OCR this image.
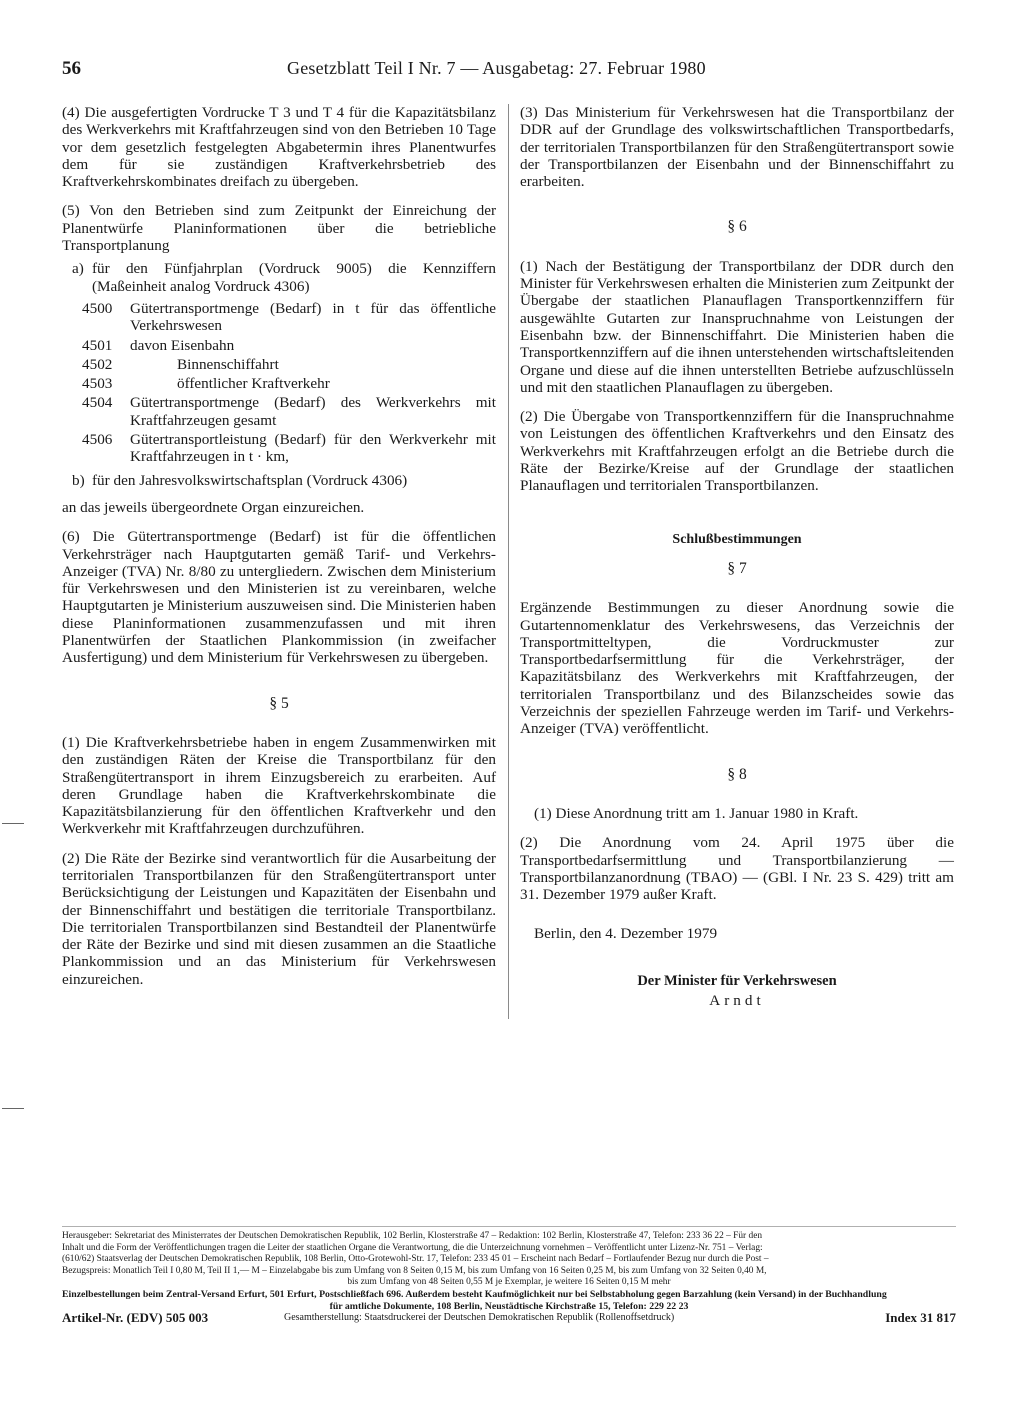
56	Gesetzblatt Teil I Nr. 7 — Ausgabetag: 27. Februar 1980

(4) Die ausgefertigten Vordrucke T 3 und T 4 für die Kapazitätsbilanz des Werkverkehrs mit Kraftfahrzeugen sind von den Betrieben 10 Tage vor dem gesetzlich festgelegten Abgabetermin ihres Planentwurfes dem für sie zuständigen Kraftverkehrsbetrieb des Kraftverkehrskombinates dreifach zu übergeben.

(5) Von den Betrieben sind zum Zeitpunkt der Einreichung der Planentwürfe Planinformationen über die betriebliche Transportplanung

a) für den Fünfjahrplan (Vordruck 9005) die Kennziffern (Maßeinheit analog Vordruck 4306)
4500	Gütertransportmenge (Bedarf) in t für das öffentliche Verkehrswesen
4501	davon Eisenbahn
4502	Binnenschiffahrt
4503	öffentlicher Kraftverkehr
4504	Gütertransportmenge (Bedarf) des Werkverkehrs mit Kraftfahrzeugen gesamt
4506	Gütertransportleistung (Bedarf) für den Werkverkehr mit Kraftfahrzeugen in t · km,
b) für den Jahresvolkswirtschaftsplan (Vordruck 4306)

an das jeweils übergeordnete Organ einzureichen.

(6) Die Gütertransportmenge (Bedarf) ist für die öffentlichen Verkehrsträger nach Hauptgutarten gemäß Tarif- und Verkehrs-Anzeiger (TVA) Nr. 8/80 zu untergliedern. Zwischen dem Ministerium für Verkehrswesen und den Ministerien ist zu vereinbaren, welche Hauptgutarten je Ministerium auszuweisen sind. Die Ministerien haben diese Planinformationen zusammenzufassen und mit ihren Planentwürfen der Staatlichen Plankommission (in zweifacher Ausfertigung) und dem Ministerium für Verkehrswesen zu übergeben.

§ 5

(1) Die Kraftverkehrsbetriebe haben in engem Zusammenwirken mit den zuständigen Räten der Kreise die Transportbilanz für den Straßengütertransport in ihrem Einzugsbereich zu erarbeiten. Auf deren Grundlage haben die Kraftverkehrskombinate die Kapazitätsbilanzierung für den öffentlichen Kraftverkehr und den Werkverkehr mit Kraftfahrzeugen durchzuführen.

(2) Die Räte der Bezirke sind verantwortlich für die Ausarbeitung der territorialen Transportbilanzen für den Straßengütertransport unter Berücksichtigung der Leistungen und Kapazitäten der Eisenbahn und der Binnenschiffahrt und bestätigen die territoriale Transportbilanz. Die territorialen Transportbilanzen sind Bestandteil der Planentwürfe der Räte der Bezirke und sind mit diesen zusammen an die Staatliche Plankommission und an das Ministerium für Verkehrswesen einzureichen.

(3) Das Ministerium für Verkehrswesen hat die Transportbilanz der DDR auf der Grundlage des volkswirtschaftlichen Transportbedarfs, der territorialen Transportbilanzen für den Straßengütertransport sowie der Transportbilanzen der Eisenbahn und der Binnenschiffahrt zu erarbeiten.

§ 6

(1) Nach der Bestätigung der Transportbilanz der DDR durch den Minister für Verkehrswesen erhalten die Ministerien zum Zeitpunkt der Übergabe der staatlichen Planauflagen Transportkennziffern für ausgewählte Gutarten zur Inanspruchnahme von Leistungen der Eisenbahn bzw. der Binnenschiffahrt. Die Ministerien haben die Transportkennziffern auf die ihnen unterstehenden wirtschaftsleitenden Organe und diese auf die ihnen unterstellten Betriebe aufzuschlüsseln und mit den staatlichen Planauflagen zu übergeben.

(2) Die Übergabe von Transportkennziffern für die Inanspruchnahme von Leistungen des öffentlichen Kraftverkehrs und den Einsatz des Werkverkehrs mit Kraftfahrzeugen erfolgt an die Betriebe durch die Räte der Bezirke/Kreise auf der Grundlage der staatlichen Planauflagen und territorialen Transportbilanzen.

Schlußbestimmungen
§ 7

Ergänzende Bestimmungen zu dieser Anordnung sowie die Gutartennomenklatur des Verkehrswesens, das Verzeichnis der Transportmitteltypen, die Vordruckmuster zur Transportbedarfsermittlung für die Verkehrsträger, der Kapazitätsbilanz des Werkverkehrs mit Kraftfahrzeugen, der territorialen Transportbilanz und des Bilanzscheides sowie das Verzeichnis der speziellen Fahrzeuge werden im Tarif- und Verkehrs-Anzeiger (TVA) veröffentlicht.

§ 8

(1) Diese Anordnung tritt am 1. Januar 1980 in Kraft.

(2) Die Anordnung vom 24. April 1975 über die Transportbedarfsermittlung und Transportbilanzierung — Transportbilanzanordnung (TBAO) — (GBl. I Nr. 23 S. 429) tritt am 31. Dezember 1979 außer Kraft.

Berlin, den 4. Dezember 1979

Der Minister für Verkehrswesen

Arndt

Herausgeber: Sekretariat des Ministerrates der Deutschen Demokratischen Republik, 102 Berlin, Klosterstraße 47 – Redaktion: 102 Berlin, Klosterstraße 47, Telefon: 233 36 22 – Für den

Inhalt und die Form der Veröffentlichungen tragen die Leiter der staatlichen Organe die Verantwortung, die die Unterzeichnung vornehmen – Veröffentlicht unter Lizenz-Nr. 751 – Verlag:

(610/62) Staatsverlag der Deutschen Demokratischen Republik, 108 Berlin, Otto-Grotewohl-Str. 17, Telefon: 233 45 01 – Erscheint nach Bedarf – Fortlaufender Bezug nur durch die Post –

Bezugspreis: Monatlich Teil I 0,80 M, Teil II 1,— M – Einzelabgabe bis zum Umfang von 8 Seiten 0,15 M, bis zum Umfang von 16 Seiten 0,25 M, bis zum Umfang von 32 Seiten 0,40 M,

bis zum Umfang von 48 Seiten 0,55 M je Exemplar, je weitere 16 Seiten 0,15 M mehr

Einzelbestellungen beim Zentral-Versand Erfurt, 501 Erfurt, Postschließfach 696. Außerdem besteht Kaufmöglichkeit nur bei Selbstabholung gegen Barzahlung (kein Versand) in der Buchhandlung

für amtliche Dokumente, 108 Berlin, Neustädtische Kirchstraße 15, Telefon: 229 22 23

Artikel-Nr. (EDV) 505 003	Gesamtherstellung: Staatsdruckerei der Deutschen Demokratischen Republik (Rollenoffsetdruck)	Index 31 817
